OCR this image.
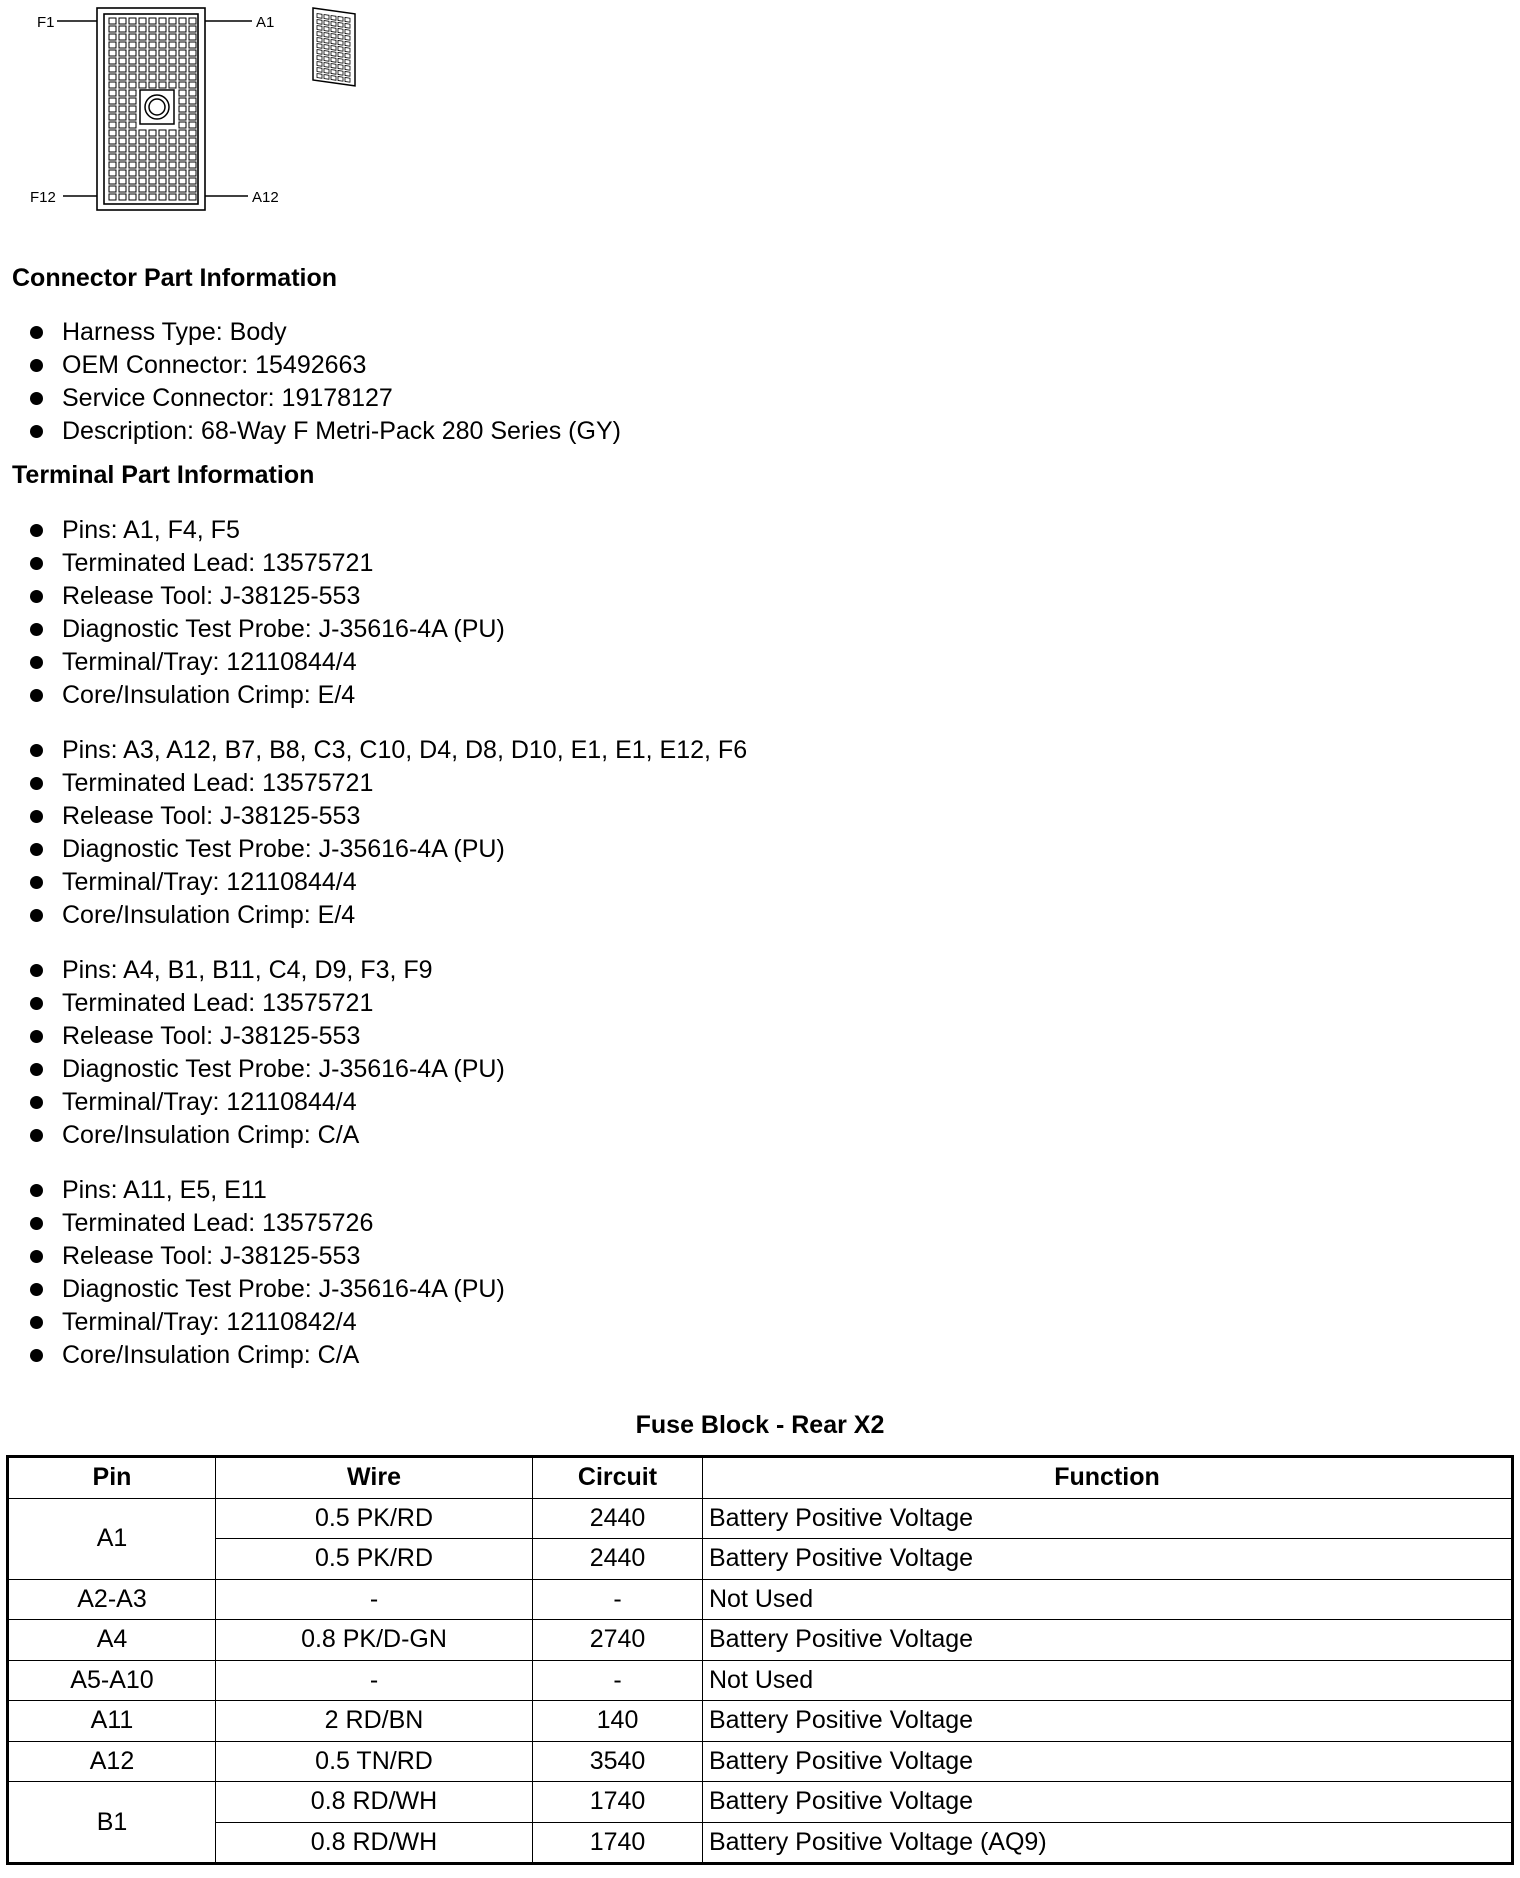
F1	A1
F12	A12
Connector Part Information
Harness Type: Body
OEM Connector: 15492663
Service Connector: 19178127
Description: 68-Way F Metri-Pack 280 Series (GY)
Terminal Part Information
Pins: A1, F4, F5
Terminated Lead: 13575721
Release Tool: J-38125-553
Diagnostic Test Probe: J-35616-4A (PU)
Terminal/Tray: 12110844/4
Core/Insulation Crimp: E/4
Pins: A3, A12, B7, B8, C3, C10, D4, D8, D10, E1, E1, E12, F6
Terminated Lead: 13575721
Release Tool: J-38125-553
Diagnostic Test Probe: J-35616-4A (PU)
Terminal/Tray: 12110844/4
Core/Insulation Crimp: E/4
Pins: A4, B1, B11, C4, D9, F3, F9
Terminated Lead: 13575721
Release Tool: J-38125-553
Diagnostic Test Probe: J-35616-4A (PU)
Terminal/Tray: 12110844/4
Core/Insulation Crimp: C/A
Pins: A11, E5, E11
Terminated Lead: 13575726
Release Tool: J-38125-553
Diagnostic Test Probe: J-35616-4A (PU)
Terminal/Tray: 12110842/4
Core/Insulation Crimp: C/A
Fuse Block - Rear X2
Pin	Wire	Circuit	Function
A1	0.5 PK/RD	2440	Battery Positive Voltage
	0.5 PK/RD	2440	Battery Positive Voltage
A2-A3	-	-	Not Used
A4	0.8 PK/D-GN	2740	Battery Positive Voltage
A5-A10	-	-	Not Used
A11	2 RD/BN	140	Battery Positive Voltage
A12	0.5 TN/RD	3540	Battery Positive Voltage
B1	0.8 RD/WH	1740	Battery Positive Voltage
	0.8 RD/WH	1740	Battery Positive Voltage (AQ9)
